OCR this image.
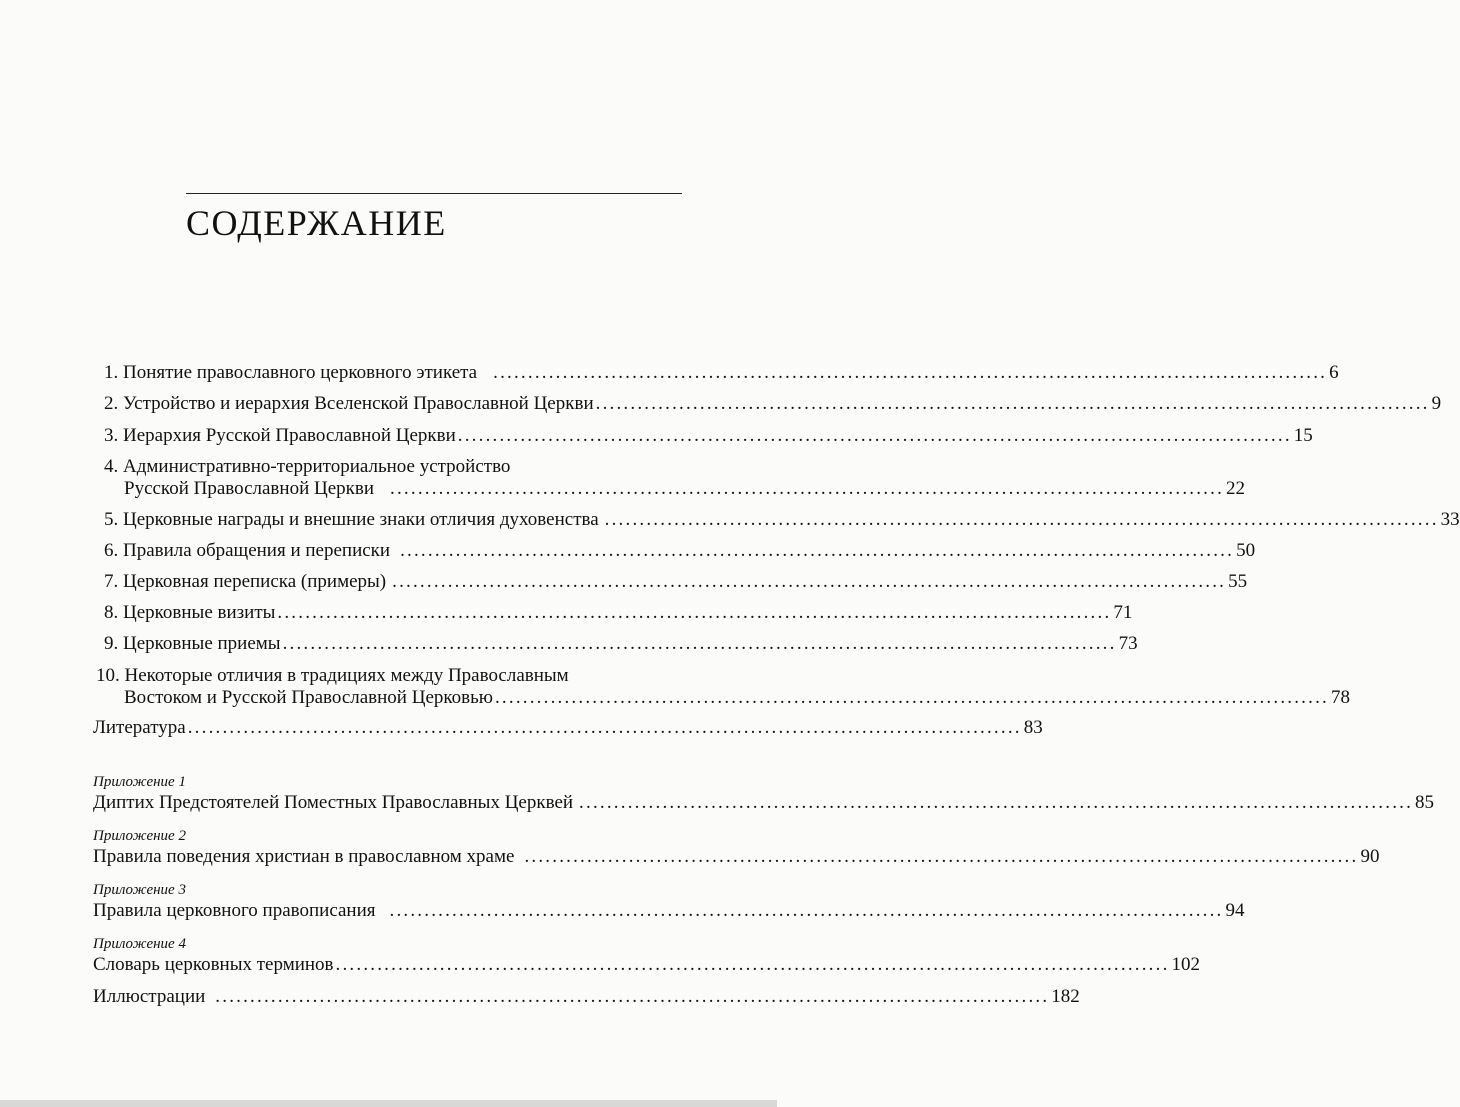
СОДЕРЖАНИЕ
1. Понятие православного церковного этикета ........................................................................................................................ 6
2. Устройство и иерархия Вселенской Православной Церкви ........................................................................................................................ 9
3. Иерархия Русской Православной Церкви ........................................................................................................................ 15
4. Административно-территориальное устройство
Русской Православной Церкви ........................................................................................................................ 22
5. Церковные награды и внешние знаки отличия духовенства ........................................................................................................................ 33
6. Правила обращения и переписки ........................................................................................................................ 50
7. Церковная переписка (примеры) ........................................................................................................................ 55
8. Церковные визиты ........................................................................................................................ 71
9. Церковные приемы ........................................................................................................................ 73
10. Некоторые отличия в традициях между Православным
Востоком и Русской Православной Церковью ........................................................................................................................ 78
Литература ........................................................................................................................ 83
Приложение 1
Диптих Предстоятелей Поместных Православных Церквей ........................................................................................................................ 85
Приложение 2
Правила поведения христиан в православном храме ........................................................................................................................ 90
Приложение 3
Правила церковного правописания ........................................................................................................................ 94
Приложение 4
Словарь церковных терминов ........................................................................................................................ 102
Иллюстрации ........................................................................................................................ 182
